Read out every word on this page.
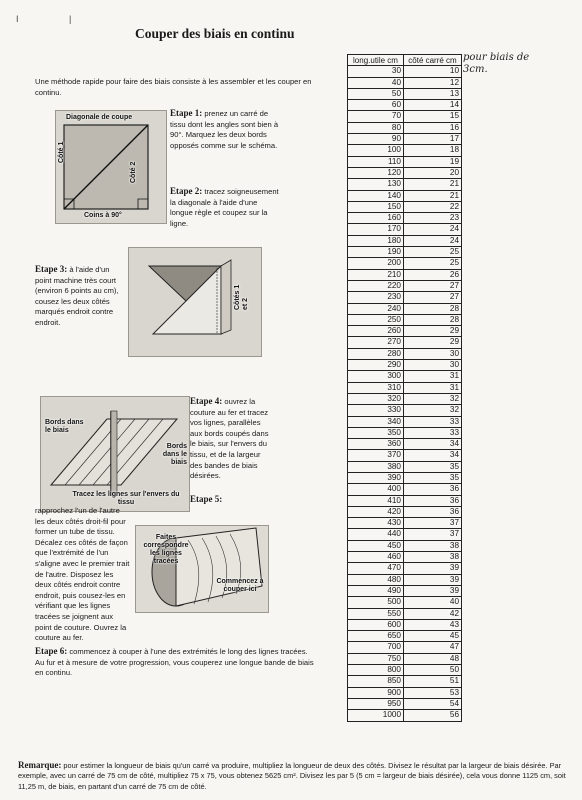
I	|
Couper des biais en continu
Une méthode rapide pour faire des biais consiste à les assembler et les couper en continu.
Diagonale de coupe
Côté 1
Côté 2
Coins à 90°
Etape 1: prenez un carré de tissu dont les angles sont bien à 90°. Marquez les deux bords opposés comme sur le schéma.
Etape 2: tracez soigneusement la diagonale à l'aide d'une longue règle et coupez sur la ligne.
Etape 3: à l'aide d'un point machine très court (environ 6 points au cm), cousez les deux côtés marqués endroit contre endroit.
Côtés 1 et 2
Bords dans le biais
Bords dans le biais
Tracez les lignes sur l'envers du tissu
Etape 4: ouvrez la couture au fer et tracez vos lignes, parallèles aux bords coupés dans le biais, sur l'envers du tissu, et de la largeur des bandes de biais désirées.
Etape 5:
rapprochez l'un de l'autre les deux côtés droit-fil pour former un tube de tissu. Décalez ces côtés de façon que l'extrémité de l'un s'aligne avec le premier trait de l'autre. Disposez les deux côtés endroit contre endroit, puis cousez-les en vérifiant que les lignes tracées se joignent aux point de couture. Ouvrez la couture au fer.
Faites correspondre les lignes tracées
Commencez à couper ici
Etape 6: commencez à couper à l'une des extrémités le long des lignes tracées. Au fur et à mesure de votre progression, vous couperez une longue bande de biais en continu.
long.utile cm	côté carré cm
30	10
40	12
50	13
60	14
70	15
80	16
90	17
100	18
110	19
120	20
130	21
140	21
150	22
160	23
170	24
180	24
190	25
200	25
210	26
220	27
230	27
240	28
250	28
260	29
270	29
280	30
290	30
300	31
310	31
320	32
330	32
340	33
350	33
360	34
370	34
380	35
390	35
400	36
410	36
420	36
430	37
440	37
450	38
460	38
470	39
480	39
490	39
500	40
550	42
600	43
650	45
700	47
750	48
800	50
850	51
900	53
950	54
1000	56
pour biais de 3cm.
Remarque: pour estimer la longueur de biais qu'un carré va produire, multipliez la longueur de deux des côtés. Divisez le résultat par la largeur de biais désirée. Par exemple, avec un carré de 75 cm de côté, multipliez 75 x 75, vous obtenez 5625 cm². Divisez les par 5 (5 cm = largeur de biais désirée), cela vous donne 1125 cm, soit 11,25 m, de biais, en partant d'un carré de 75 cm de côté.
